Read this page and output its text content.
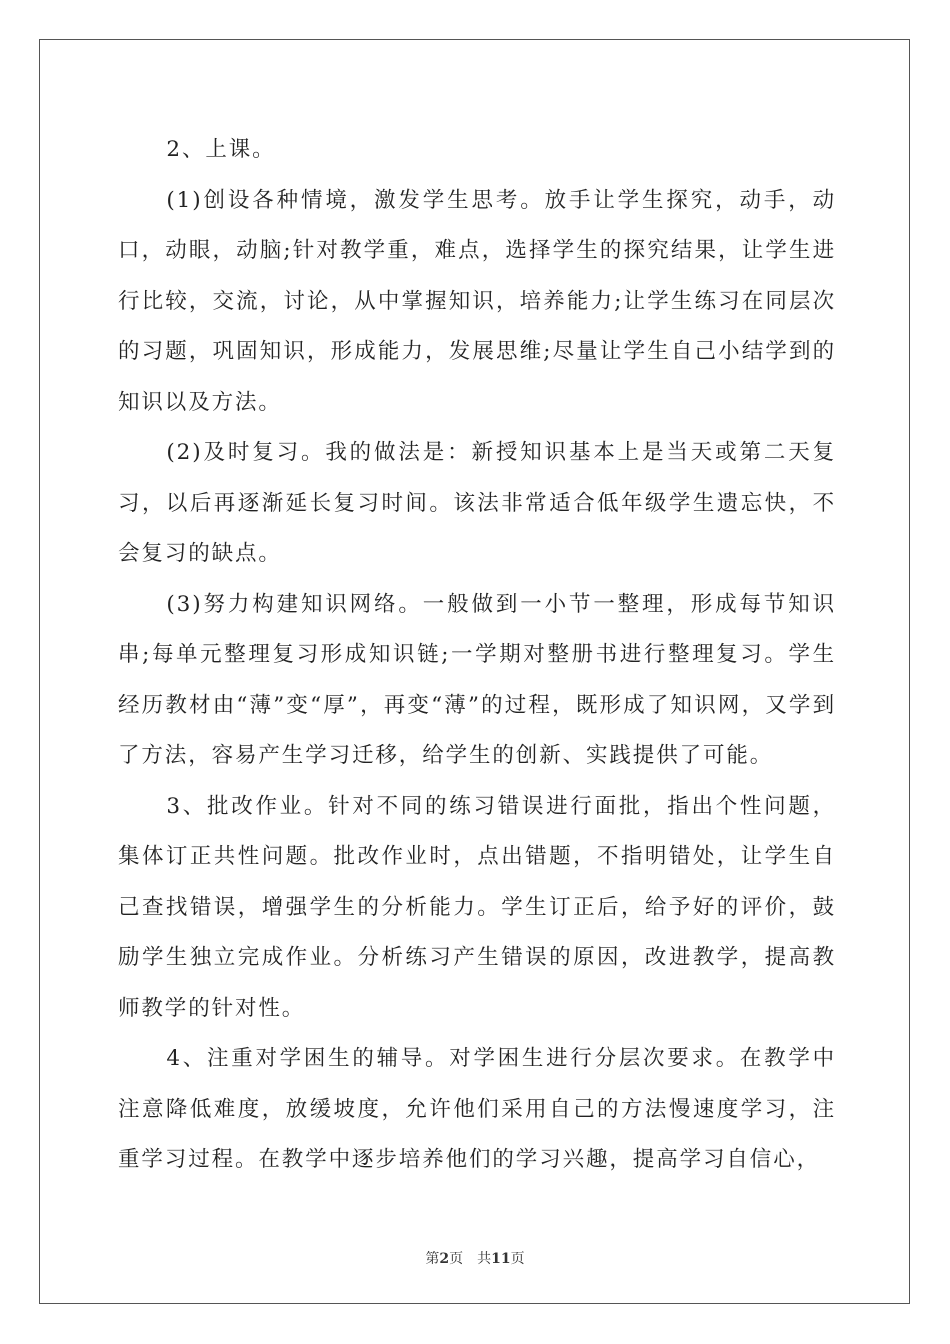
2、上课。

(1)创设各种情境，激发学生思考。放手让学生探究，动手，动口，动眼，动脑;针对教学重，难点，选择学生的探究结果，让学生进行比较，交流，讨论，从中掌握知识，培养能力;让学生练习在同层次的习题，巩固知识，形成能力，发展思维;尽量让学生自己小结学到的知识以及方法。

(2)及时复习。我的做法是：新授知识基本上是当天或第二天复习，以后再逐渐延长复习时间。该法非常适合低年级学生遗忘快，不会复习的缺点。

(3)努力构建知识网络。一般做到一小节一整理，形成每节知识串;每单元整理复习形成知识链;一学期对整册书进行整理复习。学生经历教材由“薄”变“厚”，再变“薄”的过程，既形成了知识网，又学到了方法，容易产生学习迁移，给学生的创新、实践提供了可能。

3、批改作业。针对不同的练习错误进行面批，指出个性问题，集体订正共性问题。批改作业时，点出错题，不指明错处，让学生自己查找错误，增强学生的分析能力。学生订正后，给予好的评价，鼓励学生独立完成作业。分析练习产生错误的原因，改进教学，提高教师教学的针对性。

4、注重对学困生的辅导。对学困生进行分层次要求。在教学中注意降低难度，放缓坡度，允许他们采用自己的方法慢速度学习，注重学习过程。在教学中逐步培养他们的学习兴趣，提高学习自信心，

第2页 共11页
